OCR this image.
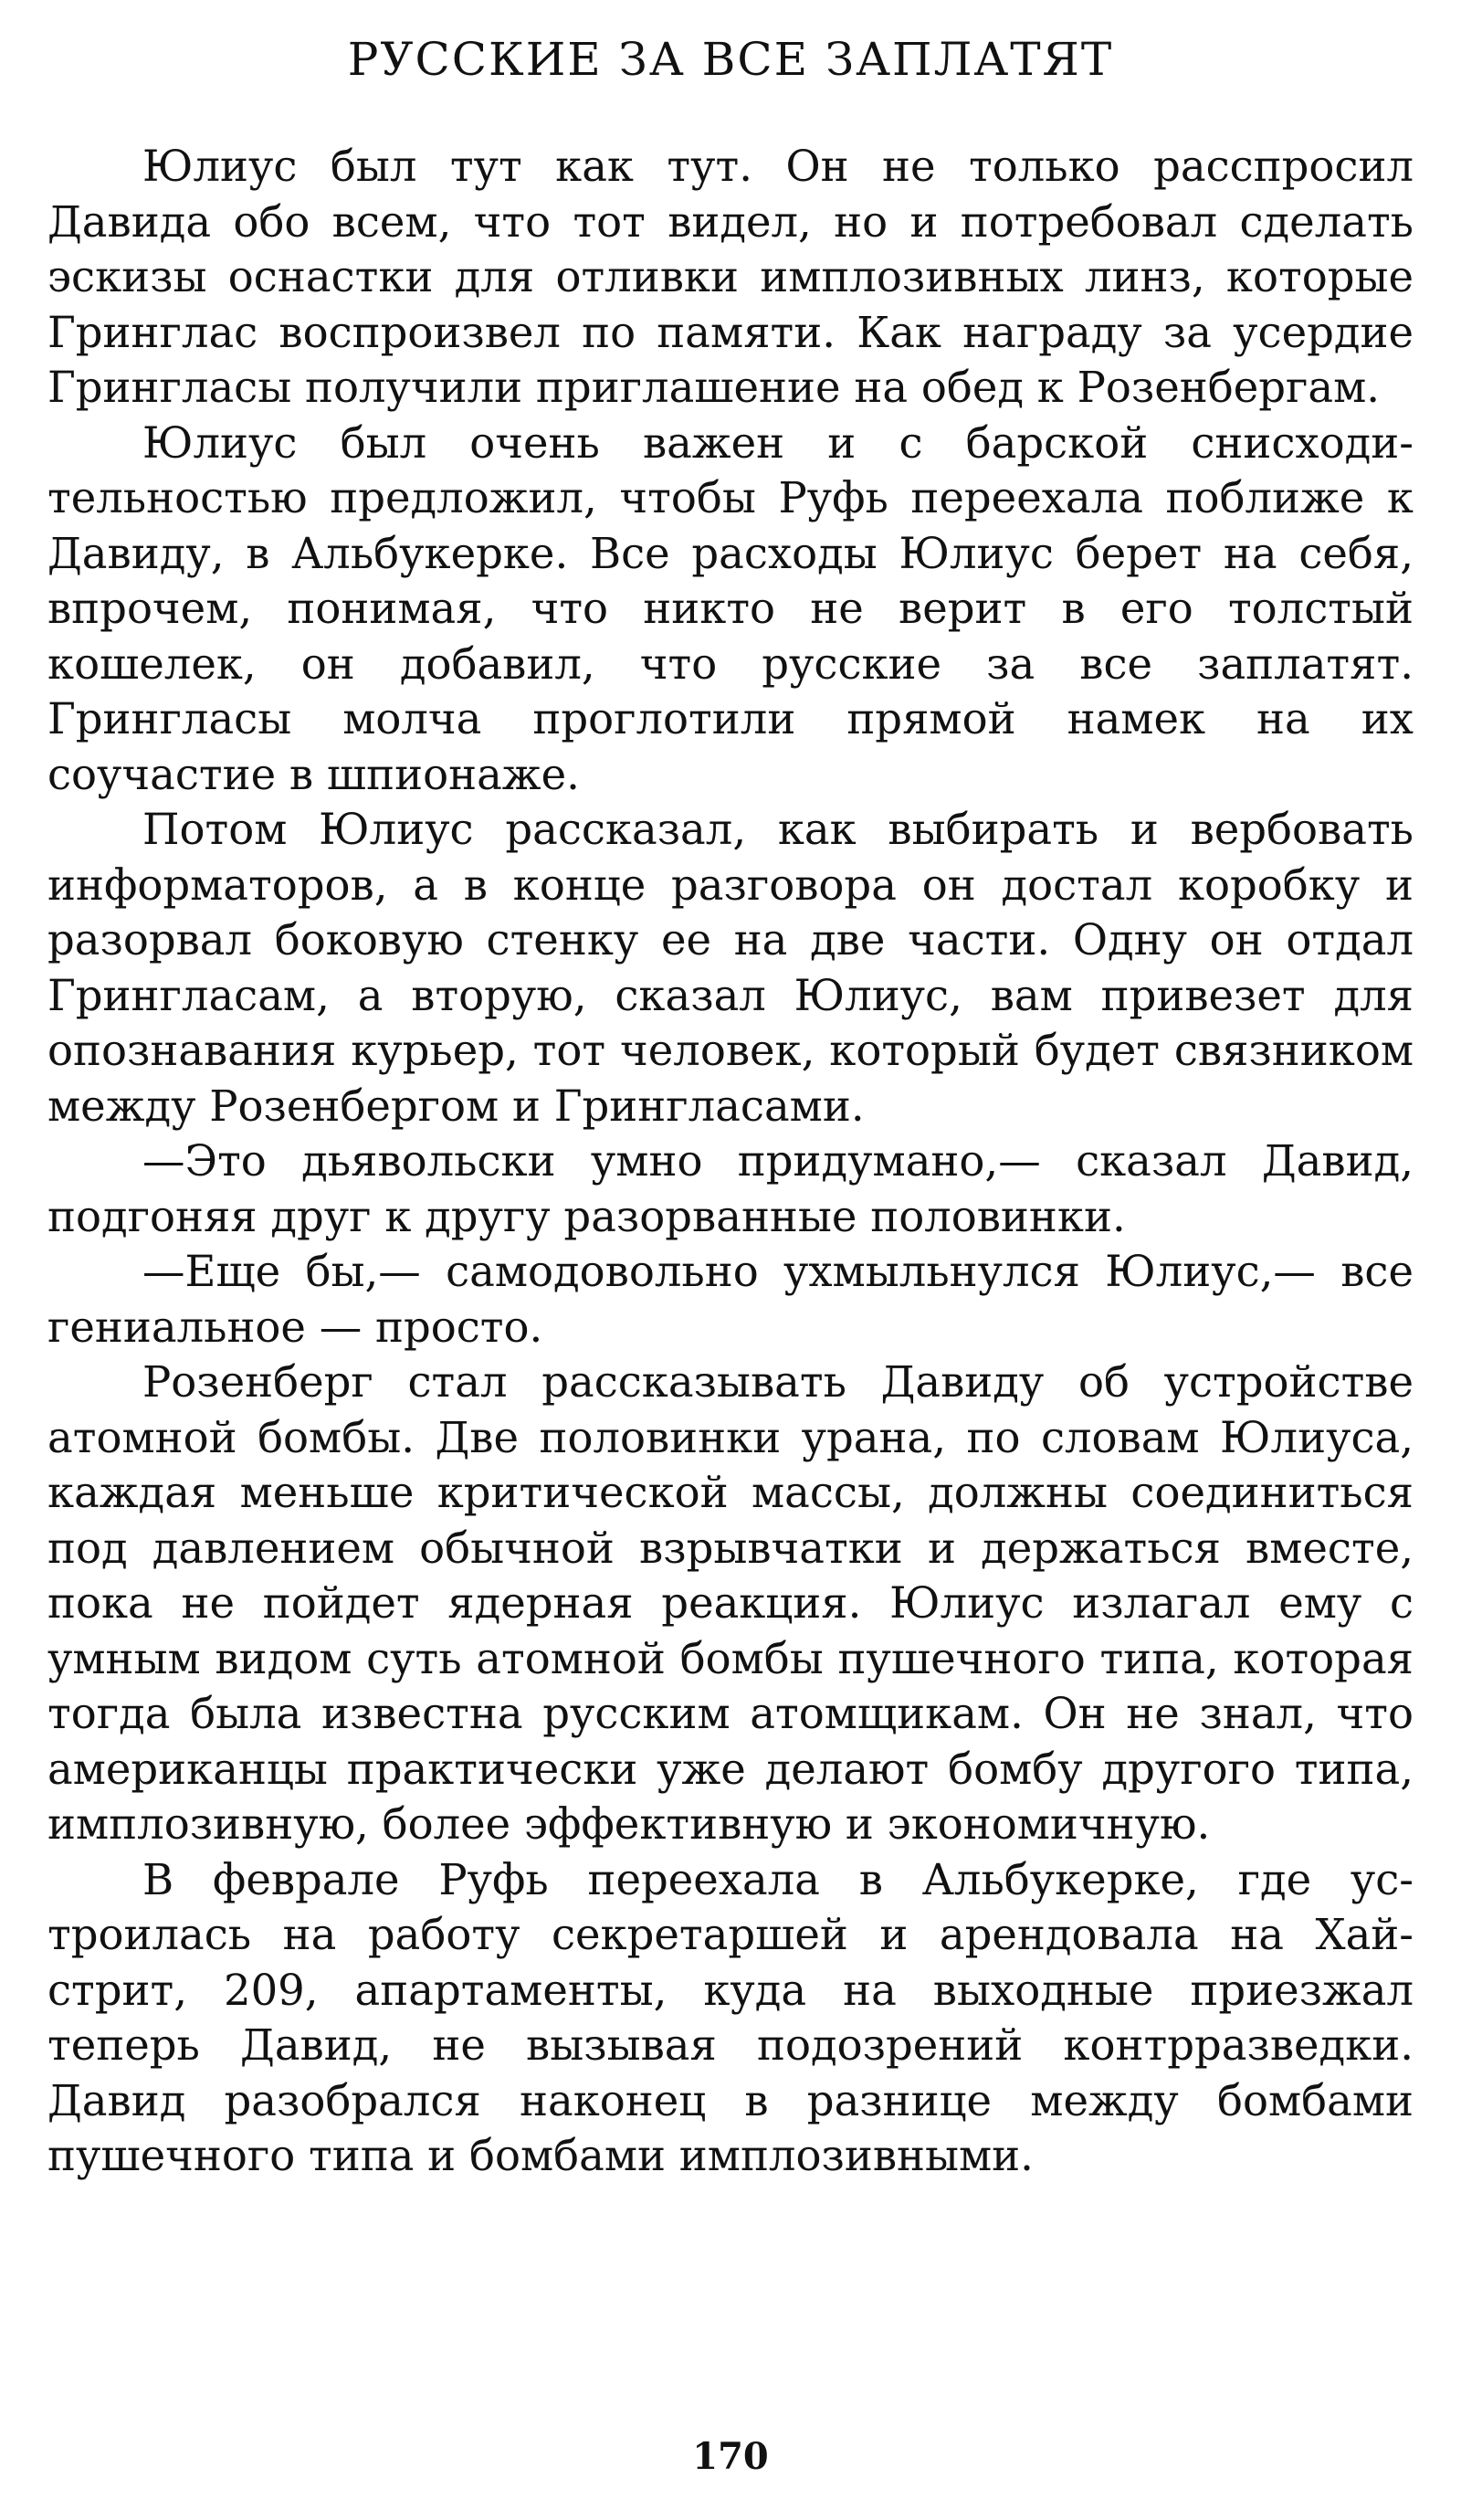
РУССКИЕ ЗА ВСЕ ЗАПЛАТЯТ

Юлиус был тут как тут. Он не только расспросил Давида обо всем, что тот видел, но и потребовал сделать эскизы оснастки для отливки имплозивных линз, которые Гринглас воспроизвел по памяти. Как награду за усердие Грингласы получили приглашение на обед к Розенбергам.

Юлиус был очень важен и с барской снисходительностью предложил, чтобы Руфь переехала поближе к Давиду, в Альбукерке. Все расходы Юлиус берет на себя, впрочем, понимая, что никто не верит в его толстый кошелек, он добавил, что русские за все заплатят. Грингласы молча проглотили прямой намек на их соучастие в шпионаже.

Потом Юлиус рассказал, как выбирать и вербовать информаторов, а в конце разговора он достал коробку и разорвал боковую стенку ее на две части. Одну он отдал Грингласам, а вторую, сказал Юлиус, вам привезет для опознавания курьер, тот человек, который будет связником между Розенбергом и Грингласами.

—Это дьявольски умно придумано,— сказал Давид, подгоняя друг к другу разорванные половинки.

—Еще бы,— самодовольно ухмыльнулся Юлиус,— все гениальное — просто.

Розенберг стал рассказывать Давиду об устройстве атомной бомбы. Две половинки урана, по словам Юлиуса, каждая меньше критической массы, должны соединиться под давлением обычной взрывчатки и держаться вместе, пока не пойдет ядерная реакция. Юлиус излагал ему с умным видом суть атомной бомбы пушечного типа, которая тогда была известна русским атомщикам. Он не знал, что американцы практически уже делают бомбу другого типа, имплозивную, более эффективную и экономичную.

В феврале Руфь переехала в Альбукерке, где устроилась на работу секретаршей и арендовала на Хай-стрит, 209, апартаменты, куда на выходные приезжал теперь Давид, не вызывая подозрений контрразведки. Давид разобрался наконец в разнице между бомбами пушечного типа и бомбами имплозивными.

170
